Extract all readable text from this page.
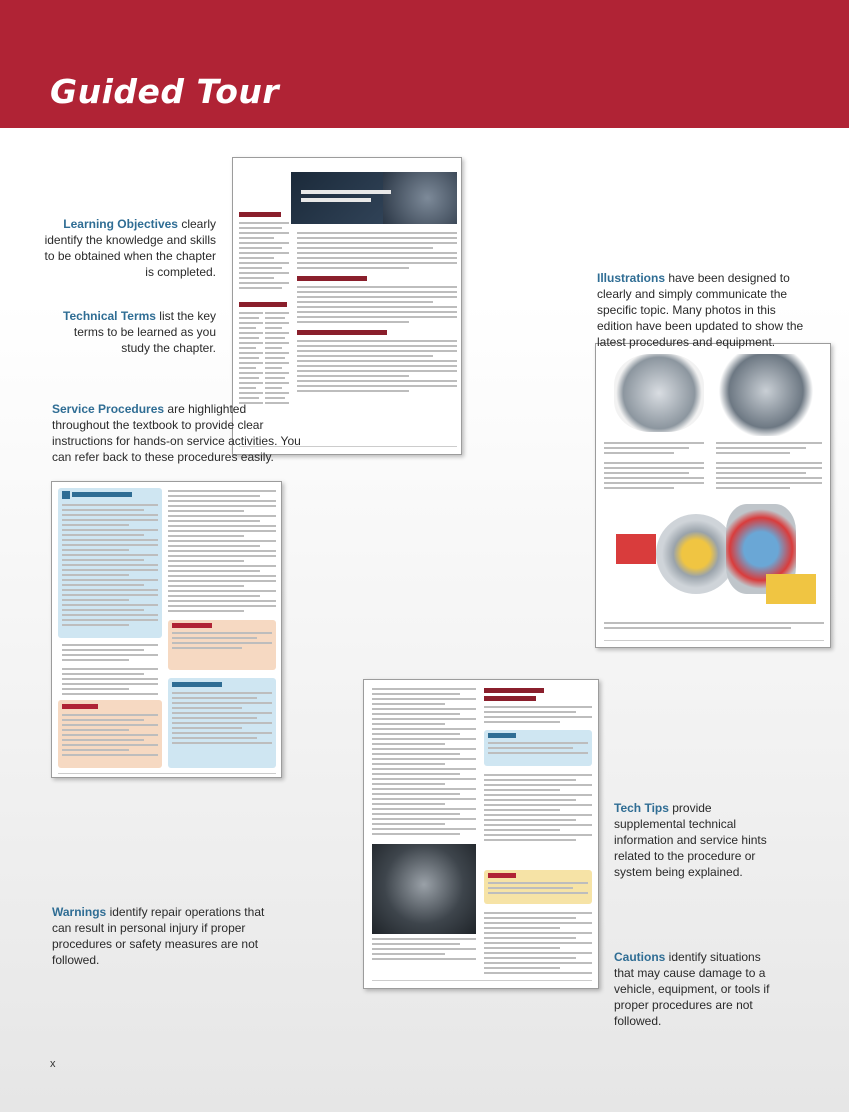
Guided Tour
Learning Objectives clearly identify the knowledge and skills to be obtained when the chapter is completed.
Technical Terms list the key terms to be learned as you study the chapter.
Illustrations have been designed to clearly and simply communicate the specific topic. Many photos in this edition have been updated to show the latest procedures and equipment.
Service Procedures are highlighted throughout the textbook to provide clear instructions for hands-on service activities. You can refer back to these procedures easily.
Tech Tips provide supplemental technical information and service hints related to the procedure or system being explained.
Warnings identify repair operations that can result in personal injury if proper procedures or safety measures are not followed.	Cautions identify situations that may cause damage to a vehicle, equipment, or tools if proper procedures are not followed.
x
